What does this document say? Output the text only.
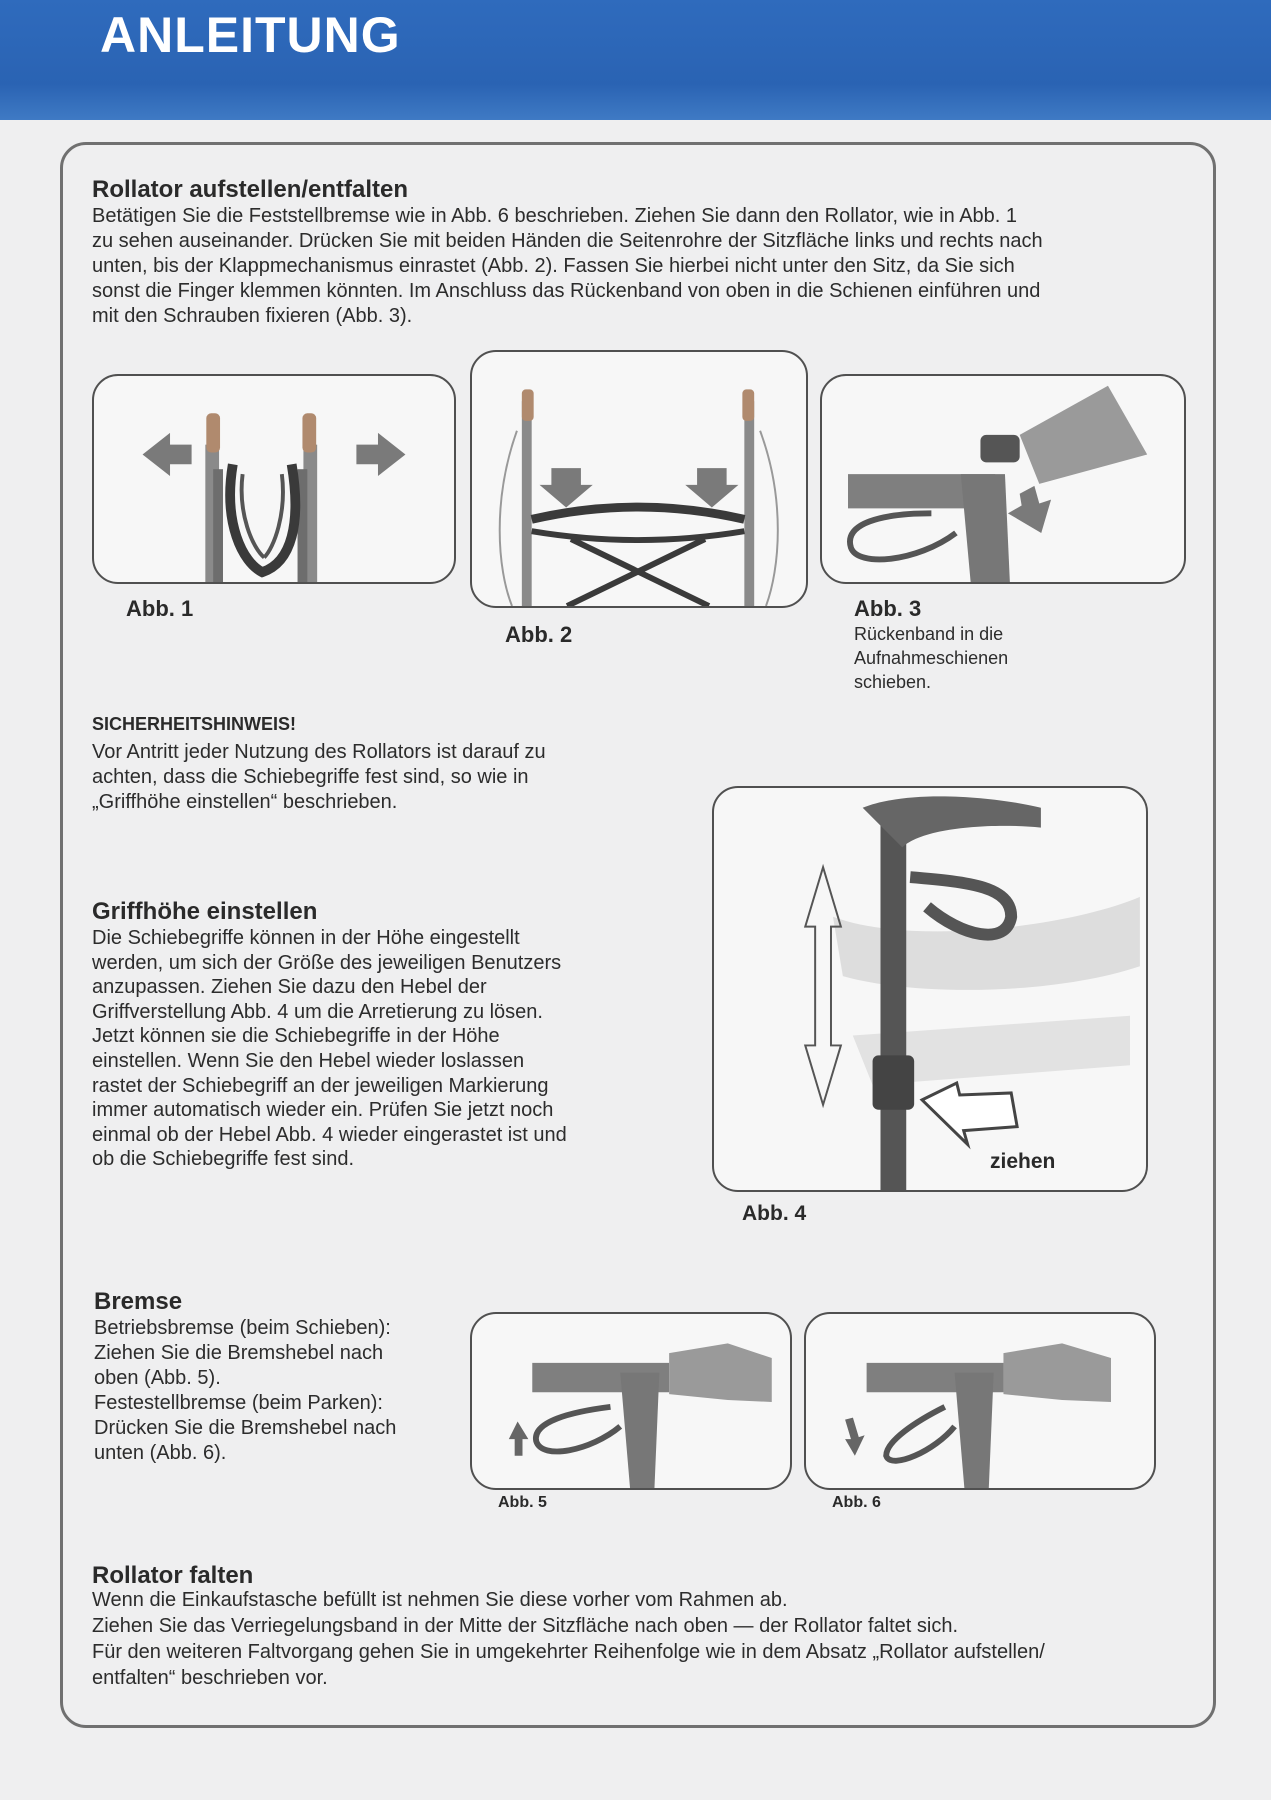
ANLEITUNG
Rollator aufstellen/entfalten
Betätigen Sie die Feststellbremse wie in Abb. 6 beschrieben. Ziehen Sie dann den Rollator, wie in Abb. 1
zu sehen auseinander. Drücken Sie mit beiden Händen die Seitenrohre der Sitzfläche links und rechts nach
unten, bis der Klappmechanismus einrastet (Abb. 2). Fassen Sie hierbei nicht unter den Sitz, da Sie sich
sonst die Finger klemmen könnten. Im Anschluss das Rückenband von oben in die Schienen einführen und
mit den Schrauben fixieren (Abb. 3).
Abb. 1
Abb. 2
Abb. 3
Rückenband in die
Aufnahmeschienen
schieben.
SICHERHEITSHINWEIS!
Vor Antritt jeder Nutzung des Rollators ist darauf zu
achten, dass die Schiebegriffe fest sind, so wie in
„Griffhöhe einstellen“ beschrieben.
Griffhöhe einstellen
Die Schiebegriffe können in der Höhe eingestellt
werden, um sich der Größe des jeweiligen Benutzers
anzupassen. Ziehen Sie dazu den Hebel der
Griffverstellung Abb. 4 um die Arretierung zu lösen.
Jetzt können sie die Schiebegriffe in der Höhe
einstellen. Wenn Sie den Hebel wieder loslassen
rastet der Schiebegriff an der jeweiligen Markierung
immer automatisch wieder ein. Prüfen Sie jetzt noch
einmal ob der Hebel Abb. 4 wieder eingerastet ist und
ob die Schiebegriffe fest sind.	ziehen
Abb. 4
Bremse
Betriebsbremse (beim Schieben):
Ziehen Sie die Bremshebel nach
oben (Abb. 5).
Festestellbremse (beim Parken):
Drücken Sie die Bremshebel nach
unten (Abb. 6).
Abb. 5	Abb. 6
Rollator falten
Wenn die Einkaufstasche befüllt ist nehmen Sie diese vorher vom Rahmen ab.
Ziehen Sie das Verriegelungsband in der Mitte der Sitzfläche nach oben — der Rollator faltet sich.
Für den weiteren Faltvorgang gehen Sie in umgekehrter Reihenfolge wie in dem Absatz „Rollator aufstellen/
entfalten“ beschrieben vor.
